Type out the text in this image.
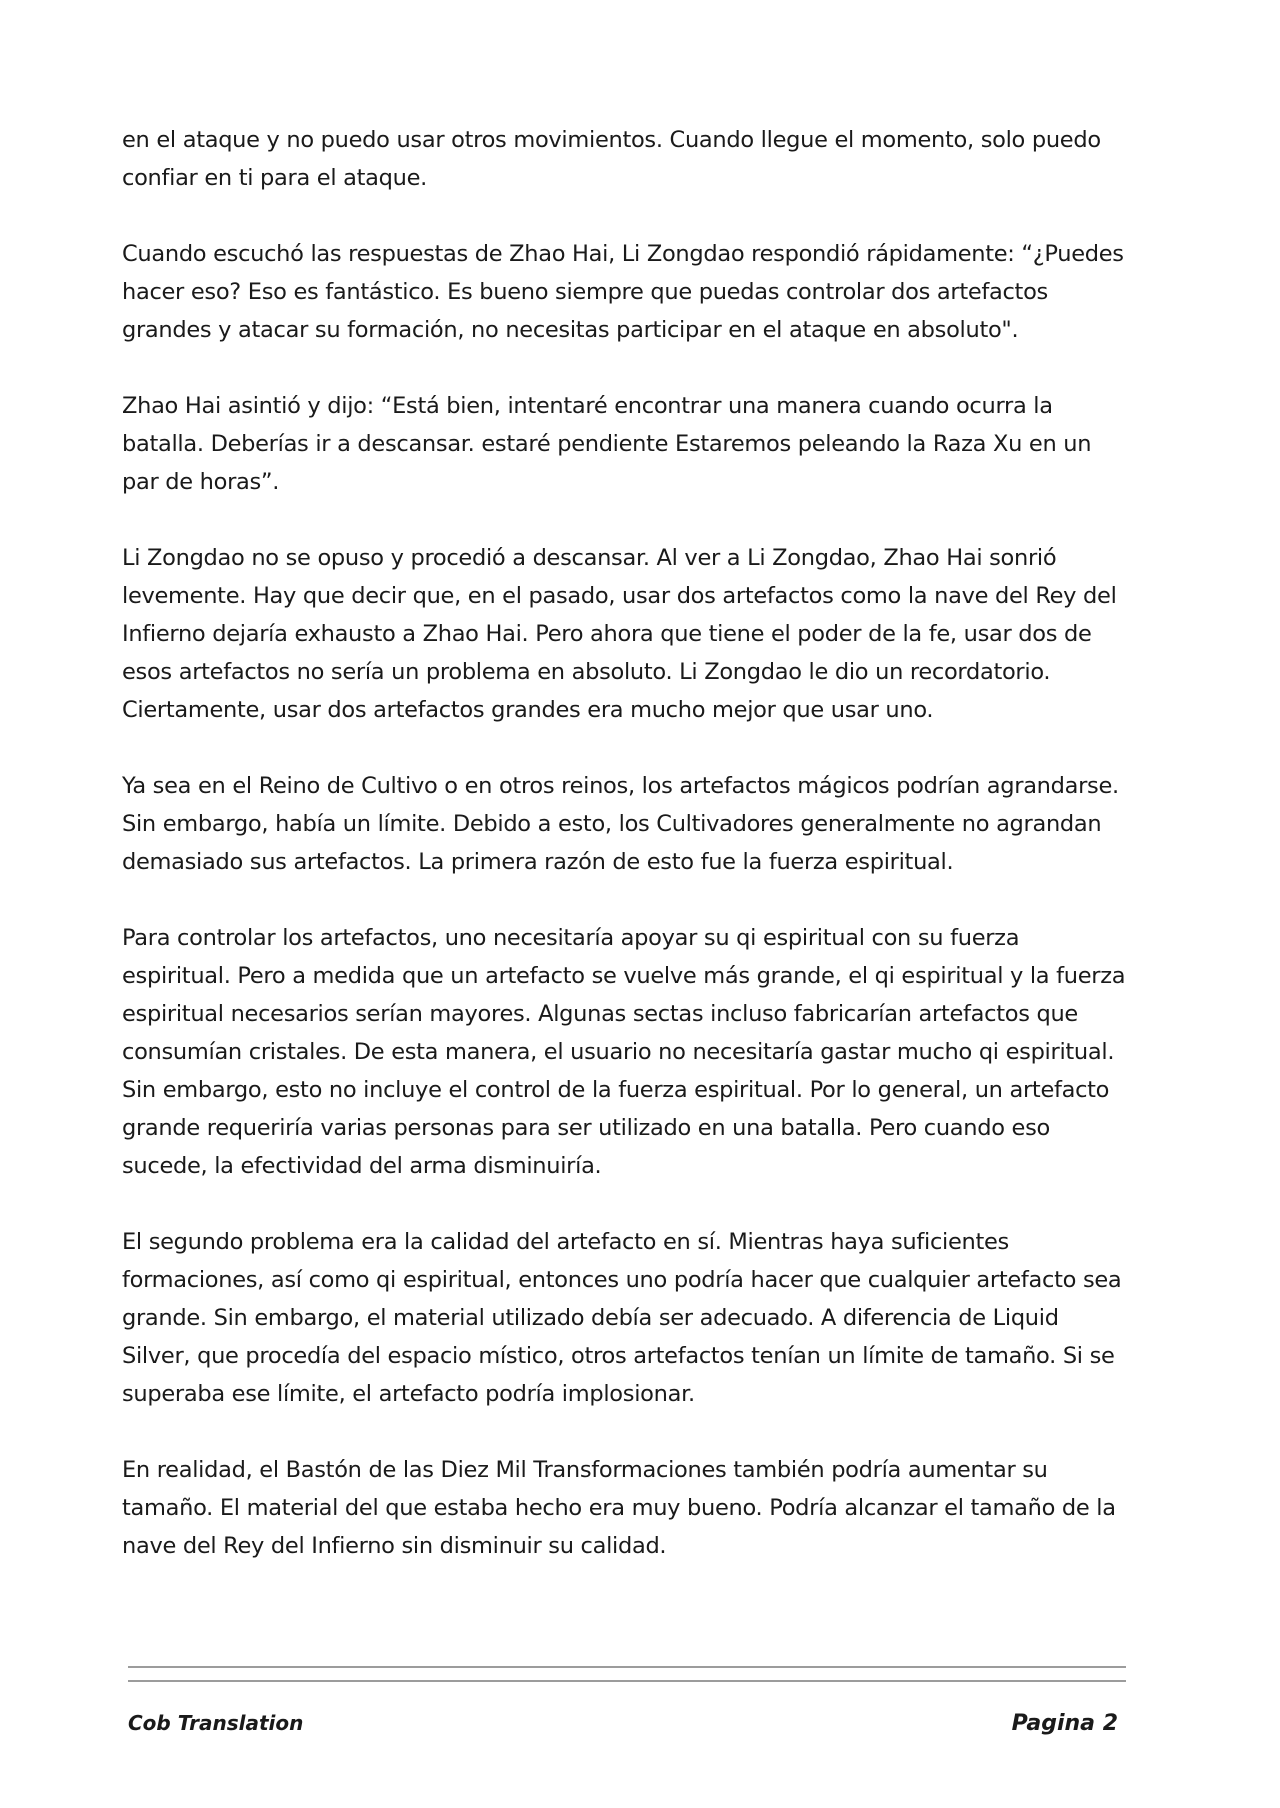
en el ataque y no puedo usar otros movimientos. Cuando llegue el momento, solo puedo confiar en ti para el ataque.

Cuando escuchó las respuestas de Zhao Hai, Li Zongdao respondió rápidamente: “¿Puedes hacer eso? Eso es fantástico. Es bueno siempre que puedas controlar dos artefactos grandes y atacar su formación, no necesitas participar en el ataque en absoluto".

Zhao Hai asintió y dijo: “Está bien, intentaré encontrar una manera cuando ocurra la batalla. Deberías ir a descansar. estaré pendiente Estaremos peleando la Raza Xu en un par de horas”.

Li Zongdao no se opuso y procedió a descansar. Al ver a Li Zongdao, Zhao Hai sonrió levemente. Hay que decir que, en el pasado, usar dos artefactos como la nave del Rey del Infierno dejaría exhausto a Zhao Hai. Pero ahora que tiene el poder de la fe, usar dos de esos artefactos no sería un problema en absoluto. Li Zongdao le dio un recordatorio. Ciertamente, usar dos artefactos grandes era mucho mejor que usar uno.

Ya sea en el Reino de Cultivo o en otros reinos, los artefactos mágicos podrían agrandarse. Sin embargo, había un límite. Debido a esto, los Cultivadores generalmente no agrandan demasiado sus artefactos. La primera razón de esto fue la fuerza espiritual.

Para controlar los artefactos, uno necesitaría apoyar su qi espiritual con su fuerza espiritual. Pero a medida que un artefacto se vuelve más grande, el qi espiritual y la fuerza espiritual necesarios serían mayores. Algunas sectas incluso fabricarían artefactos que consumían cristales. De esta manera, el usuario no necesitaría gastar mucho qi espiritual. Sin embargo, esto no incluye el control de la fuerza espiritual. Por lo general, un artefacto grande requeriría varias personas para ser utilizado en una batalla. Pero cuando eso sucede, la efectividad del arma disminuiría.

El segundo problema era la calidad del artefacto en sí. Mientras haya suficientes formaciones, así como qi espiritual, entonces uno podría hacer que cualquier artefacto sea grande. Sin embargo, el material utilizado debía ser adecuado. A diferencia de Liquid Silver, que procedía del espacio místico, otros artefactos tenían un límite de tamaño. Si se superaba ese límite, el artefacto podría implosionar.

En realidad, el Bastón de las Diez Mil Transformaciones también podría aumentar su tamaño. El material del que estaba hecho era muy bueno. Podría alcanzar el tamaño de la nave del Rey del Infierno sin disminuir su calidad.

Cob Translation	Pagina 2
